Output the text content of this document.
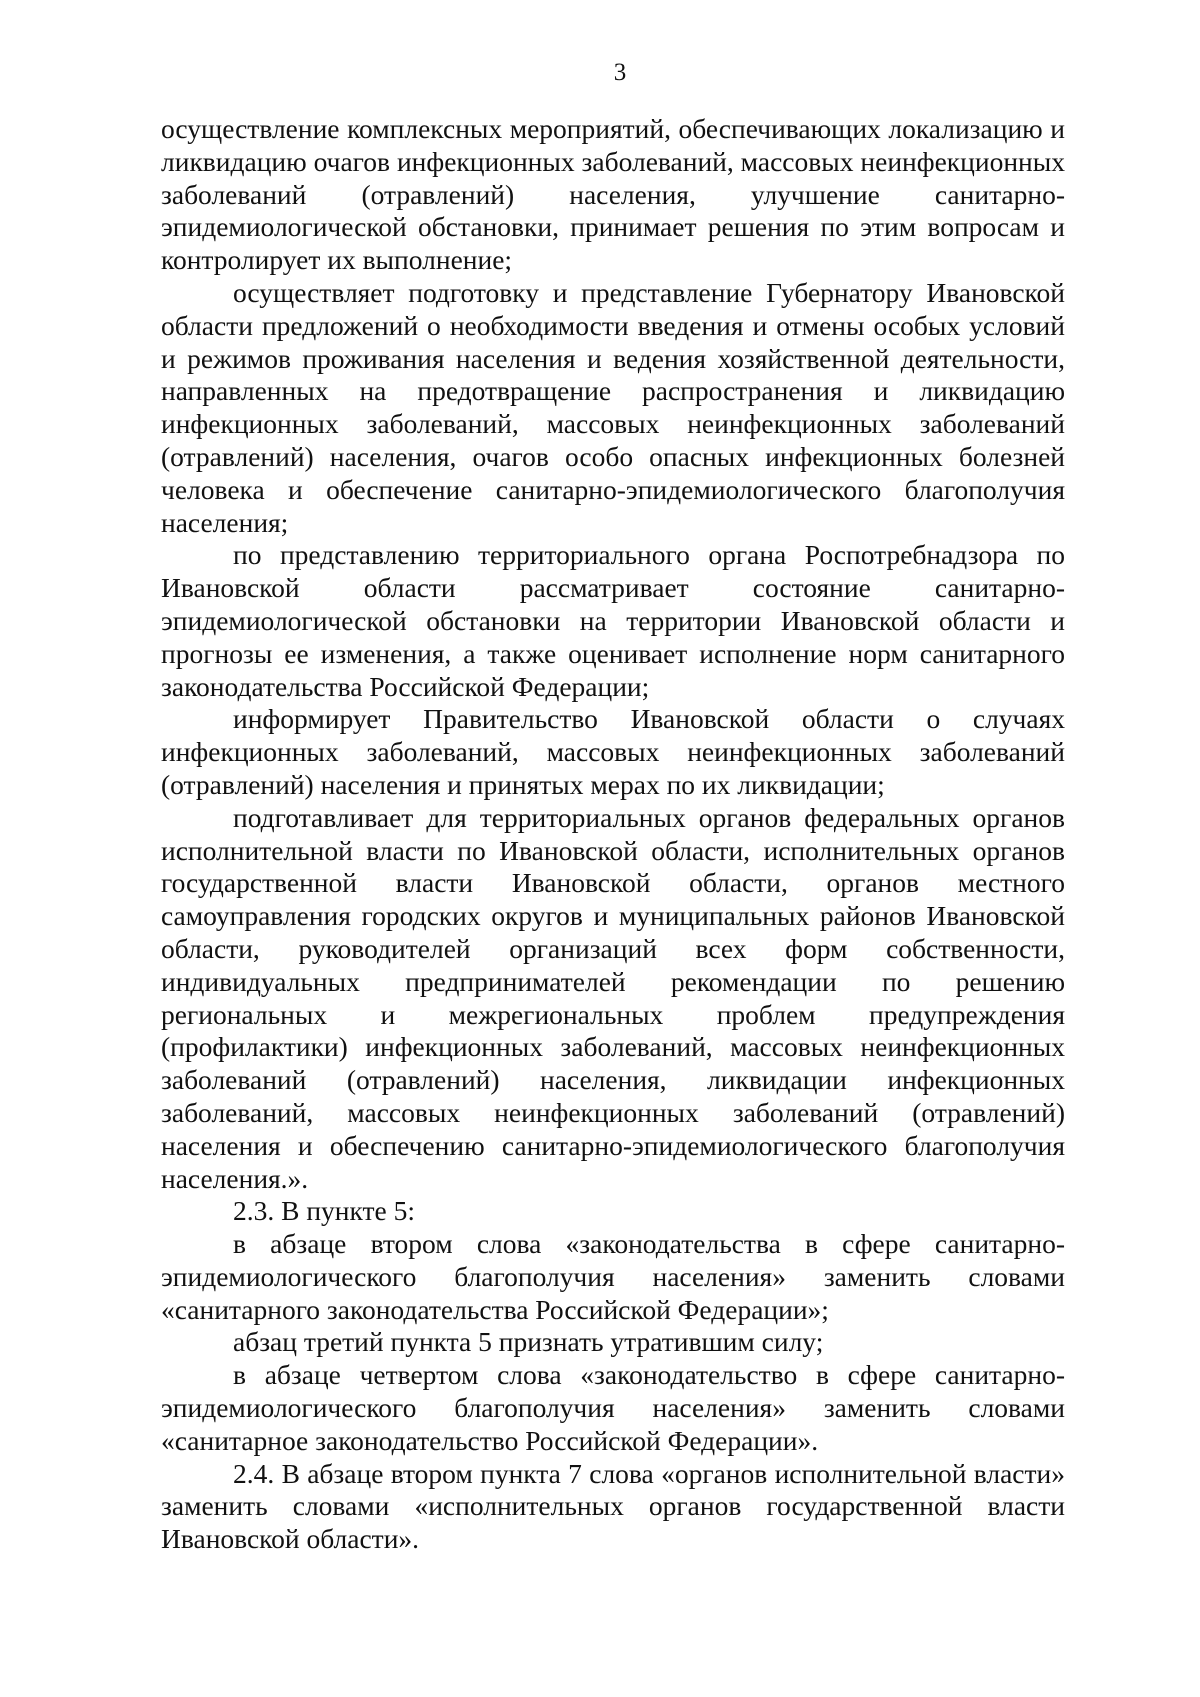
3

осуществление комплексных мероприятий, обеспечивающих локализацию и ликвидацию очагов инфекционных заболеваний, массовых неинфекционных заболеваний (отравлений) населения, улучшение санитарно-эпидемиологической обстановки, принимает решения по этим вопросам и контролирует их выполнение;

осуществляет подготовку и представление Губернатору Ивановской области предложений о необходимости введения и отмены особых условий и режимов проживания населения и ведения хозяйственной деятельности, направленных на предотвращение распространения и ликвидацию инфекционных заболеваний, массовых неинфекционных заболеваний (отравлений) населения, очагов особо опасных инфекционных болезней человека и обеспечение санитарно-эпидемиологического благополучия населения;

по представлению территориального органа Роспотребнадзора по Ивановской области рассматривает состояние санитарно-эпидемиологической обстановки на территории Ивановской области и прогнозы ее изменения, а также оценивает исполнение норм санитарного законодательства Российской Федерации;

информирует Правительство Ивановской области о случаях инфекционных заболеваний, массовых неинфекционных заболеваний (отравлений) населения и принятых мерах по их ликвидации;

подготавливает для территориальных органов федеральных органов исполнительной власти по Ивановской области, исполнительных органов государственной власти Ивановской области, органов местного самоуправления городских округов и муниципальных районов Ивановской области, руководителей организаций всех форм собственности, индивидуальных предпринимателей рекомендации по решению региональных и межрегиональных проблем предупреждения (профилактики) инфекционных заболеваний, массовых неинфекционных заболеваний (отравлений) населения, ликвидации инфекционных заболеваний, массовых неинфекционных заболеваний (отравлений) населения и обеспечению санитарно-эпидемиологического благополучия населения.».

2.3. В пункте 5:

в абзаце втором слова «законодательства в сфере санитарно-эпидемиологического благополучия населения» заменить словами «санитарного законодательства Российской Федерации»;

абзац третий пункта 5 признать утратившим силу;

в абзаце четвертом слова «законодательство в сфере санитарно-эпидемиологического благополучия населения» заменить словами «санитарное законодательство Российской Федерации».

2.4. В абзаце втором пункта 7 слова «органов исполнительной власти» заменить словами «исполнительных органов государственной власти Ивановской области».
